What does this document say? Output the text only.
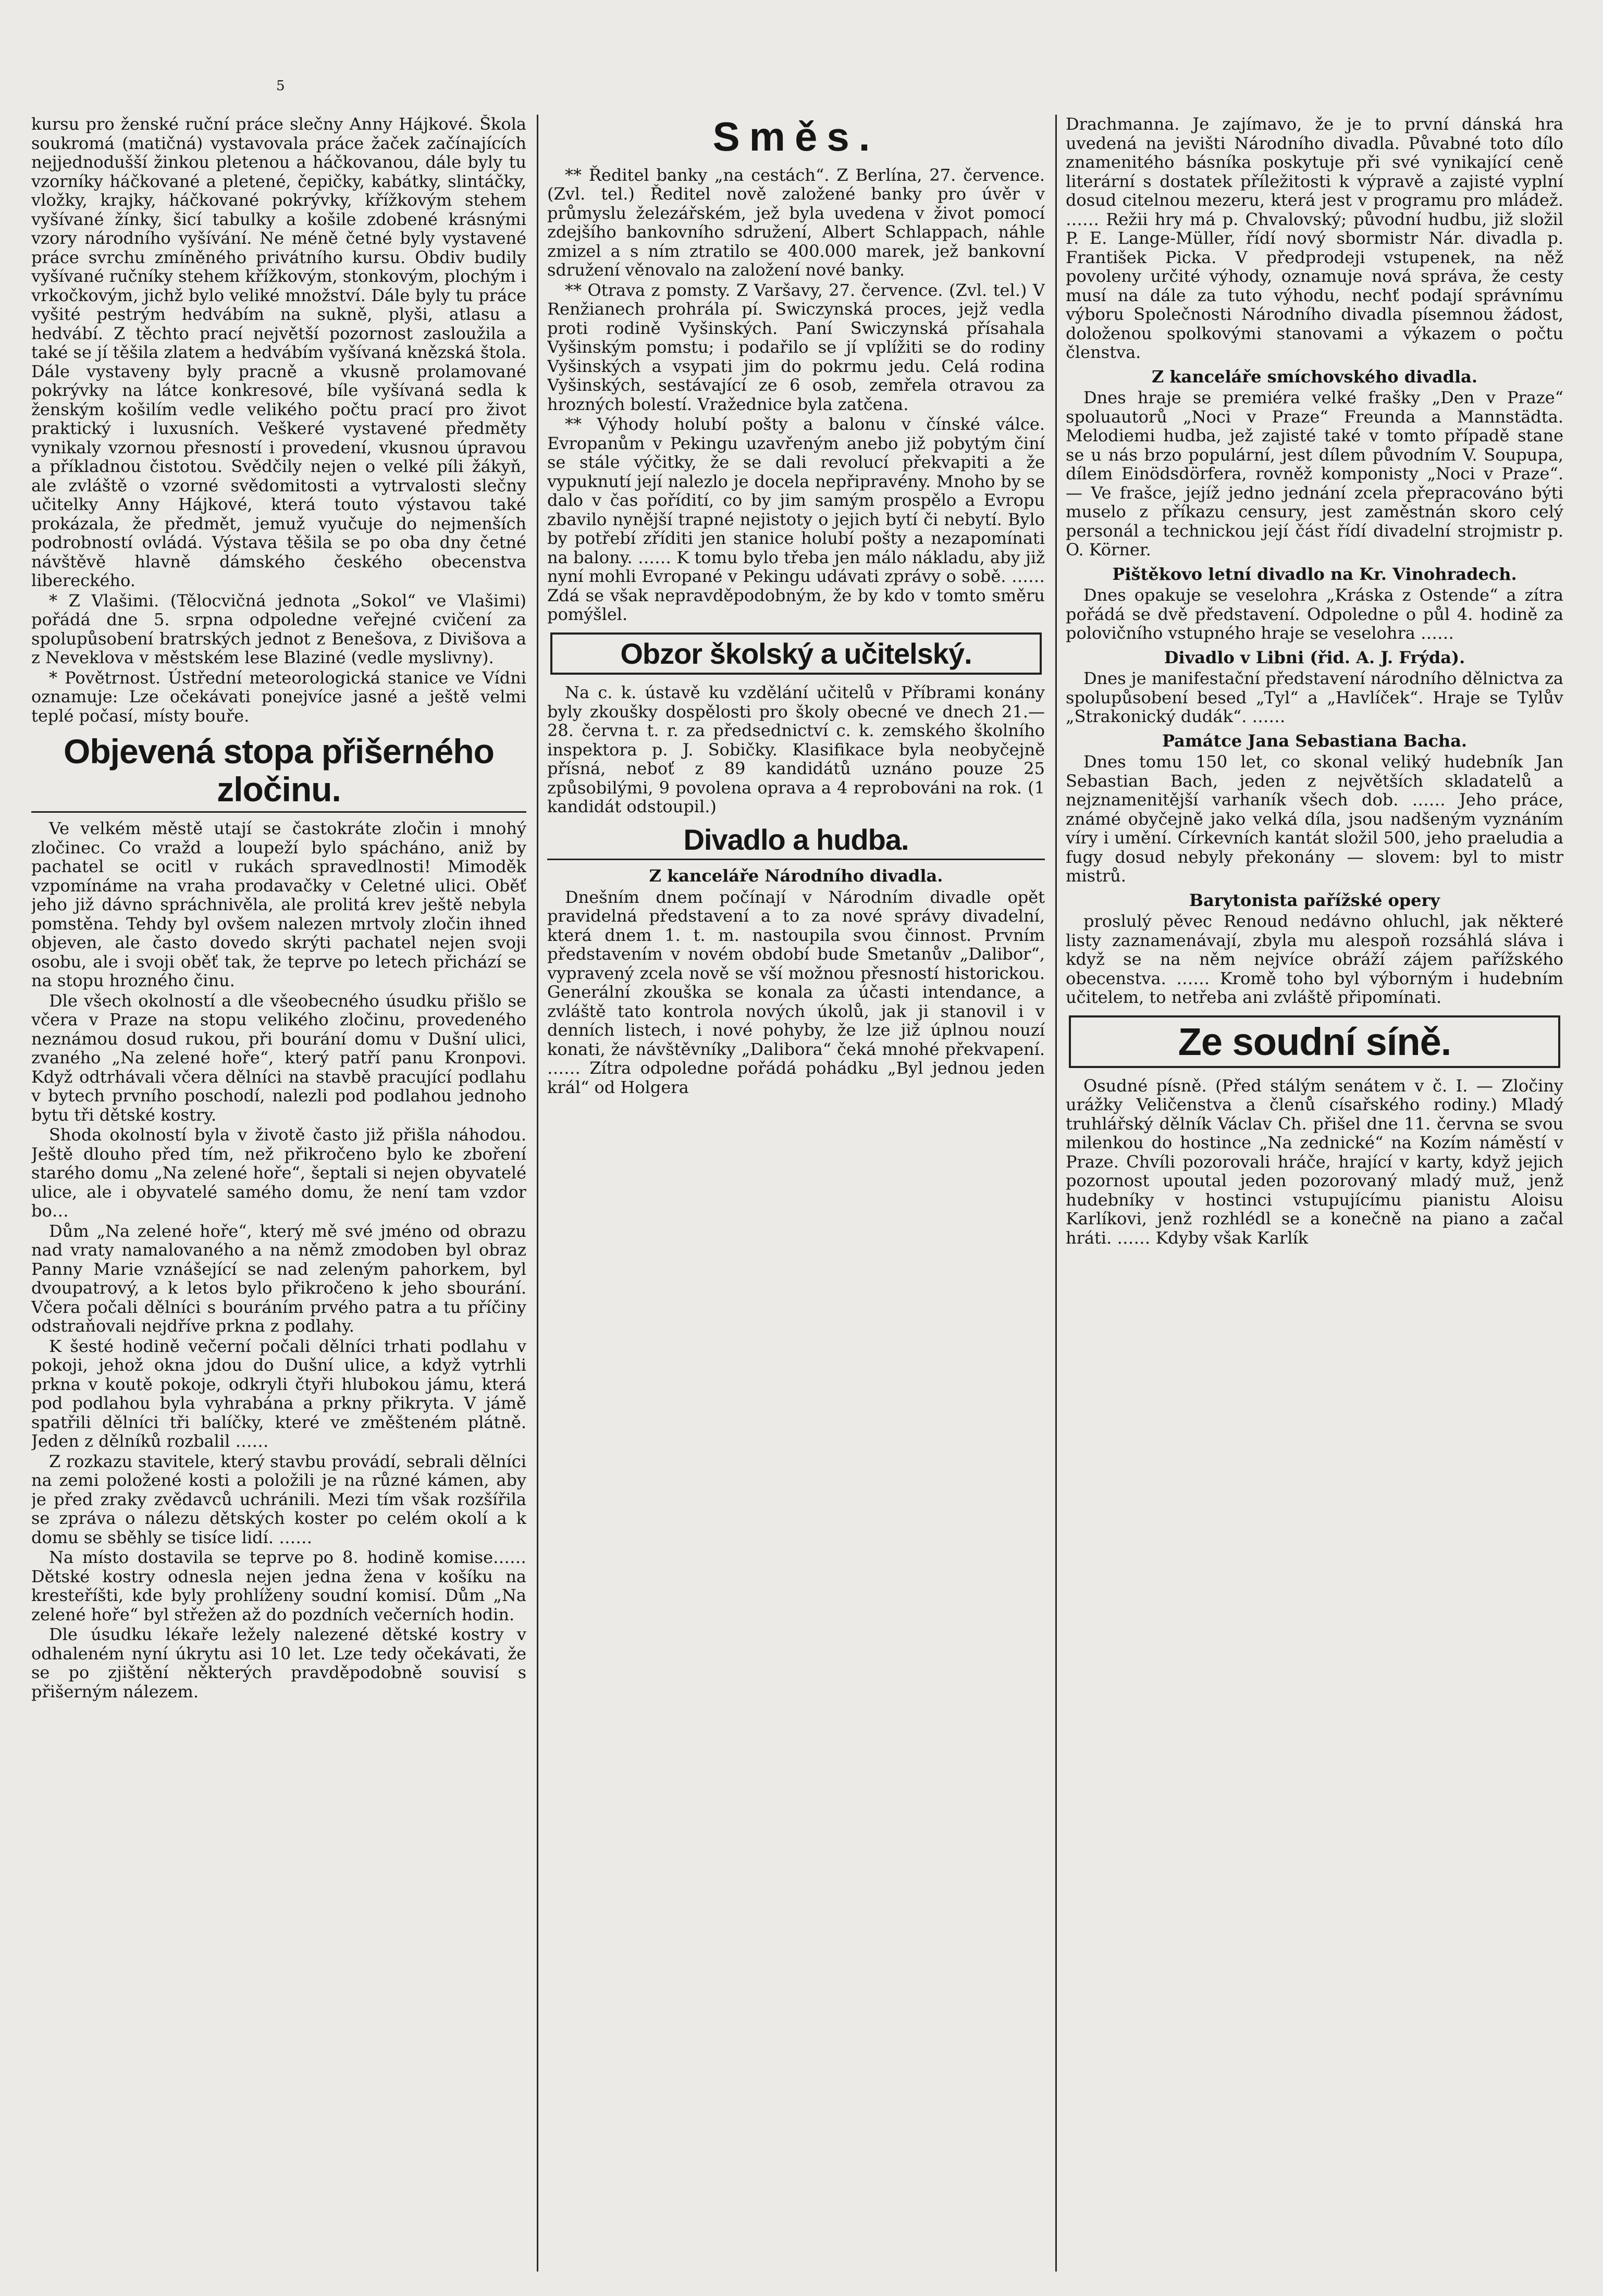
5

kursu pro ženské ruční práce slečny Anny Hájkové. Škola soukromá (matičná) vystavovala práce žaček začínajících nejjednodušší žinkou pletenou a háčkovanou, dále byly tu vzorníky háčkované a pletené, čepičky, kabátky, slintáčky, vložky, krajky, háčkované pokrývky, křížkovým stehem vyšívané žínky, šicí tabulky a košile zdobené krásnými vzory národního vyšívání. Ne méně četné byly vystavené práce svrchu zmíněného privátního kursu. Obdiv budily vyšívané ručníky stehem křížkovým, stonkovým, plochým i vrkočkovým, jichž bylo veliké množství. Dále byly tu práce vyšité pestrým hedvábím na sukně, plyši, atlasu a hedvábí. Z těchto prací největší pozornost zasloužila a také se jí těšila zlatem a hedvábím vyšívaná knězská štola. Dále vystaveny byly pracně a vkusně prolamované pokrývky na látce konkresové, bíle vyšívaná sedla k ženským košilím vedle velikého počtu prací pro život praktický i luxusních. Veškeré vystavené předměty vynikaly vzornou přesností i provedení, vkusnou úpravou a příkladnou čistotou. Svědčily nejen o velké píli žákyň, ale zvláště o vzorné svědomitosti a vytrvalosti slečny učitelky Anny Hájkové, která touto výstavou také prokázala, že předmět, jemuž vyučuje do nejmenších podrobností ovládá. Výstava těšila se po oba dny četné návštěvě hlavně dámského českého obecenstva libereckého.

* Z Vlašimi. (Tělocvičná jednota „Sokol“ ve Vlašimi) pořádá dne 5. srpna odpoledne veřejné cvičení za spolupůsobení bratrských jednot z Benešova, z Divišova a z Neveklova v městském lese Blaziné (vedle myslivny).

* Povětrnost. Ústřední meteorologická stanice ve Vídni oznamuje: Lze očekávati ponejvíce jasné a ještě velmi teplé počasí, místy bouře.

Objevená stopa přišerného zločinu.

Ve velkém městě utají se častokráte zločin i mnohý zločinec. Co vražd a loupeží bylo spácháno, aniž by pachatel se ocitl v rukách spravedlnosti! Mimoděk vzpomínáme na vraha prodavačky v Celetné ulici. Oběť jeho již dávno spráchnivěla, ale prolitá krev ještě nebyla pomstěna. Tehdy byl ovšem nalezen mrtvoly zločin ihned objeven, ale často dovedo skrýti pachatel nejen svoji osobu, ale i svoji oběť tak, že teprve po letech přichází se na stopu hrozného činu.

Dle všech okolností a dle všeobecného úsudku přišlo se včera v Praze na stopu velikého zločinu, provedeného neznámou dosud rukou, při bourání domu v Dušní ulici, zvaného „Na zelené hoře“, který patří panu Kronpovi. Když odtrhávali včera dělníci na stavbě pracující podlahu v bytech prvního poschodí, nalezli pod podlahou jednoho bytu tři dětské kostry.

Shoda okolností byla v životě často již přišla náhodou. Ještě dlouho před tím, než přikročeno bylo ke zboření starého domu „Na zelené hoře“, šeptali si nejen obyvatelé ulice, ale i obyvatelé samého domu, že není tam vzdor bo…

Dům „Na zelené hoře“, který mě své jméno od obrazu nad vraty namalovaného a na němž zmodoben byl obraz Panny Marie vznášející se nad zeleným pahorkem, byl dvoupatrový, a k letos bylo přikročeno k jeho sbourání. Včera počali dělníci s bouráním prvého patra a tu příčiny odstraňovali nejdříve prkna z podlahy.

K šesté hodině večerní počali dělníci trhati podlahu v pokoji, jehož okna jdou do Dušní ulice, a když vytrhli prkna v koutě pokoje, odkryli čtyři hlubokou jámu, která pod podlahou byla vyhrabána a prkny přikryta. V jámě spatřili dělníci tři balíčky, které ve změšteném plátně. Jeden z dělníků rozbalil ……

Z rozkazu stavitele, který stavbu provádí, sebrali dělníci na zemi položené kosti a položili je na různé kámen, aby je před zraky zvědavců uchránili. Mezi tím však rozšířila se zpráva o nálezu dětských koster po celém okolí a k domu se sběhly se tisíce lidí. ……

Na místo dostavila se teprve po 8. hodině komise…… Dětské kostry odnesla nejen jedna žena v košíku na kresteříšti, kde byly prohlíženy soudní komisí. Dům „Na zelené hoře“ byl střežen až do pozdních večerních hodin.

Dle úsudku lékaře ležely nalezené dětské kostry v odhaleném nyní úkrytu asi 10 let. Lze tedy očekávati, že se po zjištění některých pravděpodobně souvisí s přišerným nálezem.

Směs.

** Ředitel banky „na cestách“. Z Berlína, 27. července. (Zvl. tel.) Ředitel nově založené banky pro úvěr v průmyslu železářském, jež byla uvedena v život pomocí zdejšího bankovního sdružení, Albert Schlappach, náhle zmizel a s ním ztratilo se 400.000 marek, jež bankovní sdružení věnovalo na založení nové banky.

** Otrava z pomsty. Z Varšavy, 27. července. (Zvl. tel.) V Renžianech prohrála pí. Swiczynská proces, jejž vedla proti rodině Vyšinských. Paní Swiczynská přísahala Vyšinským pomstu; i podařilo se jí vplížiti se do rodiny Vyšinských a vsypati jim do pokrmu jedu. Celá rodina Vyšinských, sestávající ze 6 osob, zemřela otravou za hrozných bolestí. Vražednice byla zatčena.

** Výhody holubí pošty a balonu v čínské válce. Evropanům v Pekingu uzavřeným anebo již pobytým činí se stále výčitky, že se dali revolucí překvapiti a že vypuknutí její nalezlo je docela nepřipravény. Mnoho by se dalo v čas pořídití, co by jim samým prospělo a Evropu zbavilo nynější trapné nejistoty o jejich bytí či nebytí. Bylo by potřebí zříditi jen stanice holubí pošty a nezapomínati na balony. …… K tomu bylo třeba jen málo nákladu, aby již nyní mohli Evropané v Pekingu udávati zprávy o sobě. …… Zdá se však nepravděpodobným, že by kdo v tomto směru pomýšlel.

Obzor školský a učitelský.

Na c. k. ústavě ku vzdělání učitelů v Příbrami konány byly zkoušky dospělosti pro školy obecné ve dnech 21.—28. června t. r. za předsednictví c. k. zemského školního inspektora p. J. Sobičky. Klasifikace byla neobyčejně přísná, neboť z 89 kandidátů uznáno pouze 25 způsobilými, 9 povolena oprava a 4 reprobováni na rok. (1 kandidát odstoupil.)

Divadlo a hudba.

Z kanceláře Národního divadla.

Dnešním dnem počínají v Národním divadle opět pravidelná představení a to za nové správy divadelní, která dnem 1. t. m. nastoupila svou činnost. Prvním představením v novém období bude Smetanův „Dalibor“, vypravený zcela nově se vší možnou přesností historickou. Generální zkouška se konala za účasti intendance, a zvláště tato kontrola nových úkolů, jak ji stanovil i v denních listech, i nové pohyby, že lze již úplnou nouzí konati, že návštěvníky „Dalibora“ čeká mnohé překvapení. …… Zítra odpoledne pořádá pohádku „Byl jednou jeden král“ od Holgera

Drachmanna. Je zajímavo, že je to první dánská hra uvedená na jevišti Národního divadla. Půvabné toto dílo znamenitého básníka poskytuje při své vynikající ceně literární s dostatek příležitosti k výpravě a zajisté vyplní dosud citelnou mezeru, která jest v programu pro mládež. …… Režii hry má p. Chvalovský; původní hudbu, již složil P. E. Lange-Müller, řídí nový sbormistr Nár. divadla p. František Picka. V předprodeji vstupenek, na něž povoleny určité výhody, oznamuje nová správa, že cesty musí na dále za tuto výhodu, nechť podají správnímu výboru Společnosti Národního divadla písemnou žádost, doloženou spolkovými stanovami a výkazem o počtu členstva.

Z kanceláře smíchovského divadla.

Dnes hraje se premiéra velké frašky „Den v Praze“ spoluautorů „Noci v Praze“ Freunda a Mannstädta. Melodiemi hudba, jež zajisté také v tomto případě stane se u nás brzo populární, jest dílem původním V. Soupupa, dílem Einödsdörfera, rovněž komponisty „Noci v Praze“. — Ve frašce, jejíž jedno jednání zcela přepracováno býti muselo z příkazu censury, jest zaměstnán skoro celý personál a technickou její část řídí divadelní strojmistr p. O. Körner.

Pištěkovo letní divadlo na Kr. Vinohradech.

Dnes opakuje se veselohra „Kráska z Ostende“ a zítra pořádá se dvě představení. Odpoledne o půl 4. hodině za polovičního vstupného hraje se veselohra ……

Divadlo v Libni (řid. A. J. Frýda).

Dnes je manifestační představení národního dělnictva za spolupůsobení besed „Tyl“ a „Havlíček“. Hraje se Tylův „Strakonický dudák“. ……

Památce Jana Sebastiana Bacha.

Dnes tomu 150 let, co skonal veliký hudebník Jan Sebastian Bach, jeden z největších skladatelů a nejznamenitější varhaník všech dob. …… Jeho práce, známé obyčejně jako velká díla, jsou nadšeným vyznáním víry i umění. Církevních kantát složil 500, jeho praeludia a fugy dosud nebyly překonány — slovem: byl to mistr mistrů.

Barytonista pařížské opery

proslulý pěvec Renoud nedávno ohluchl, jak některé listy zaznamenávají, zbyla mu alespoň rozsáhlá sláva i když se na něm nejvíce obráží zájem pařížského obecenstva. …… Kromě toho byl výborným i hudebním učitelem, to netřeba ani zvláště připomínati.

Ze soudní síně.

Osudné písně. (Před stálým senátem v č. I. — Zločiny urážky Veličenstva a členů císařského rodiny.) Mladý truhlářský dělník Václav Ch. přišel dne 11. června se svou milenkou do hostince „Na zednické“ na Kozím náměstí v Praze. Chvíli pozorovali hráče, hrající v karty, když jejich pozornost upoutal jeden pozorovaný mladý muž, jenž hudebníky v hostinci vstupujícímu pianistu Aloisu Karlíkovi, jenž rozhlédl se a konečně na piano a začal hráti. …… Kdyby však Karlík
